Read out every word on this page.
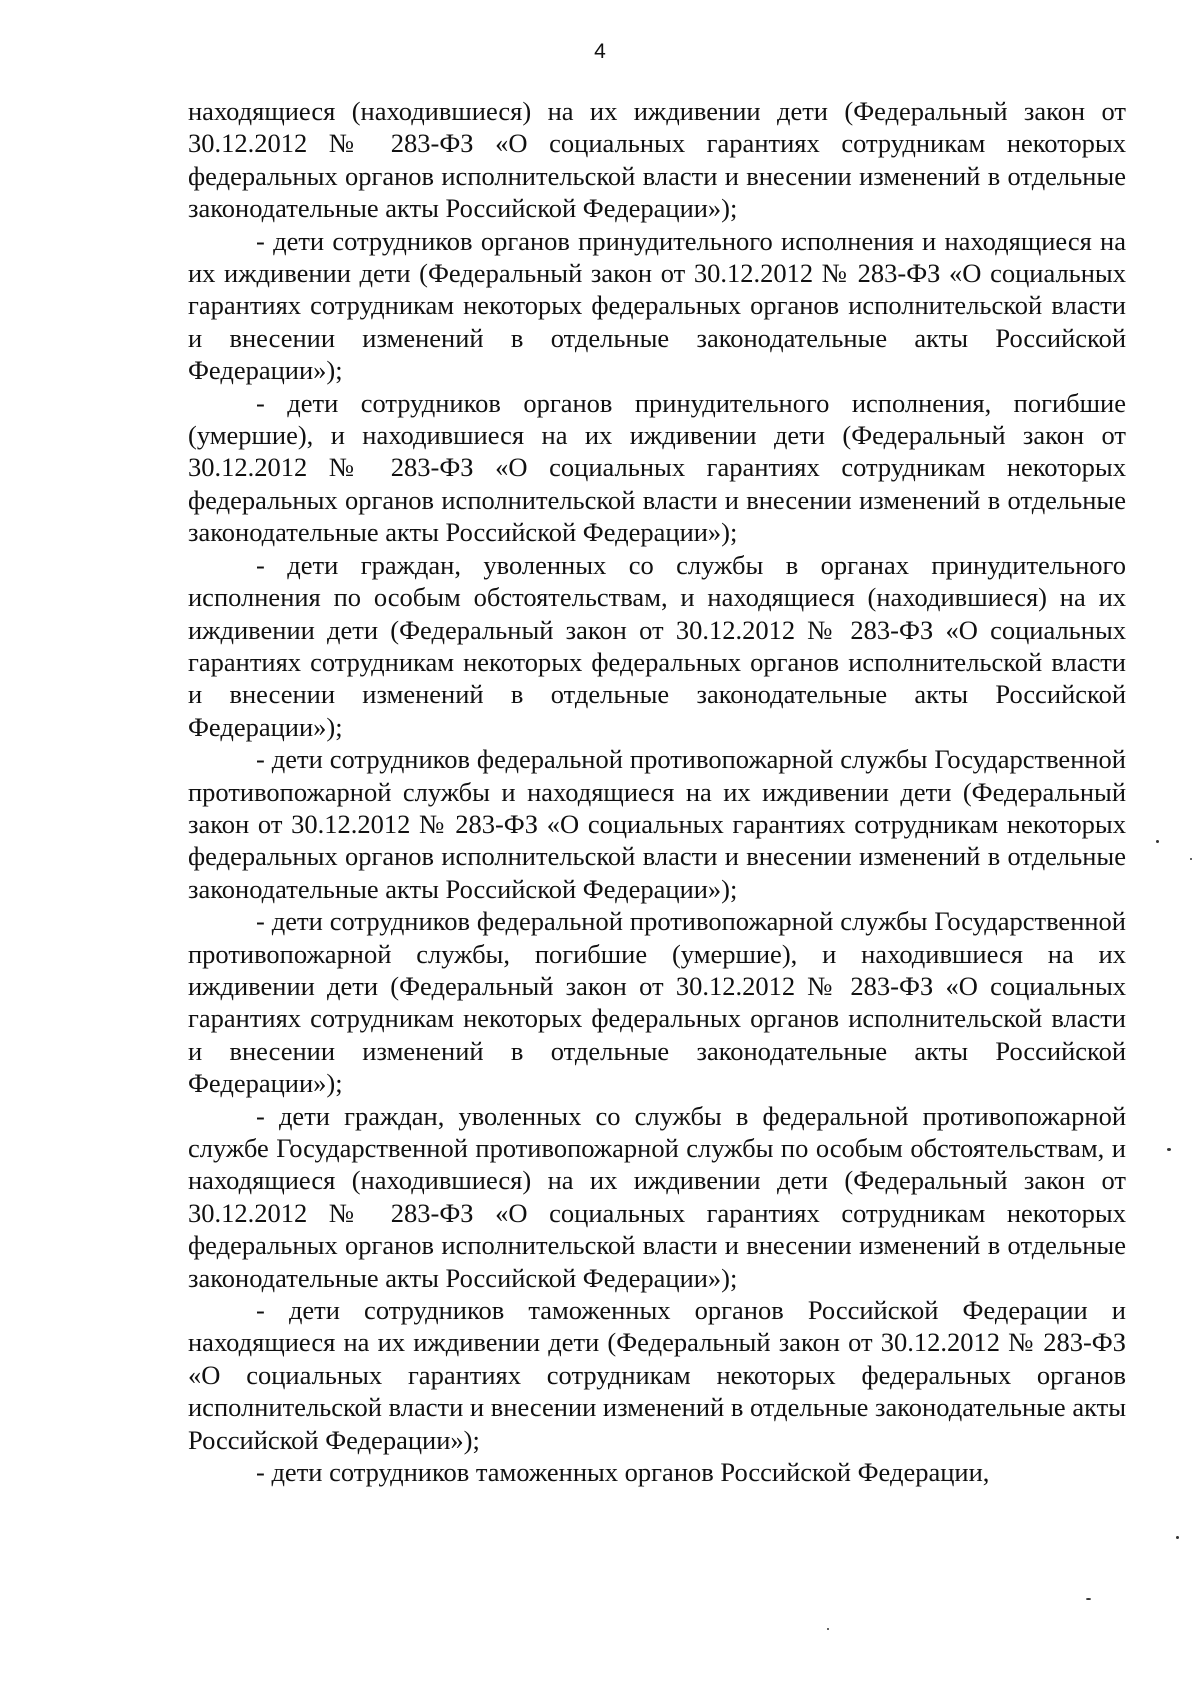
4

находящиеся (находившиеся) на их иждивении дети (Федеральный закон от 30.12.2012 № 283-ФЗ «О социальных гарантиях сотрудникам некоторых федеральных органов исполнительской власти и внесении изменений в отдельные законодательные акты Российской Федерации»);

- дети сотрудников органов принудительного исполнения и находящиеся на их иждивении дети (Федеральный закон от 30.12.2012 № 283-ФЗ «О социальных гарантиях сотрудникам некоторых федеральных органов исполнительской власти и внесении изменений в отдельные законодательные акты Российской Федерации»);

- дети сотрудников органов принудительного исполнения, погибшие (умершие), и находившиеся на их иждивении дети (Федеральный закон от 30.12.2012 № 283-ФЗ «О социальных гарантиях сотрудникам некоторых федеральных органов исполнительской власти и внесении изменений в отдельные законодательные акты Российской Федерации»);

- дети граждан, уволенных со службы в органах принудительного исполнения по особым обстоятельствам, и находящиеся (находившиеся) на их иждивении дети (Федеральный закон от 30.12.2012 № 283-ФЗ «О социальных гарантиях сотрудникам некоторых федеральных органов исполнительской власти и внесении изменений в отдельные законодательные акты Российской Федерации»);

- дети сотрудников федеральной противопожарной службы Государственной противопожарной службы и находящиеся на их иждивении дети (Федеральный закон от 30.12.2012 № 283-ФЗ «О социальных гарантиях сотрудникам некоторых федеральных органов исполнительской власти и внесении изменений в отдельные законодательные акты Российской Федерации»);

- дети сотрудников федеральной противопожарной службы Государственной противопожарной службы, погибшие (умершие), и находившиеся на их иждивении дети (Федеральный закон от 30.12.2012 № 283-ФЗ «О социальных гарантиях сотрудникам некоторых федеральных органов исполнительской власти и внесении изменений в отдельные законодательные акты Российской Федерации»);

- дети граждан, уволенных со службы в федеральной противопожарной службе Государственной противопожарной службы по особым обстоятельствам, и находящиеся (находившиеся) на их иждивении дети (Федеральный закон от 30.12.2012 № 283-ФЗ «О социальных гарантиях сотрудникам некоторых федеральных органов исполнительской власти и внесении изменений в отдельные законодательные акты Российской Федерации»);

- дети сотрудников таможенных органов Российской Федерации и находящиеся на их иждивении дети (Федеральный закон от 30.12.2012 № 283-ФЗ «О социальных гарантиях сотрудникам некоторых федеральных органов исполнительской власти и внесении изменений в отдельные законодательные акты Российской Федерации»);

- дети сотрудников таможенных органов Российской Федерации,
